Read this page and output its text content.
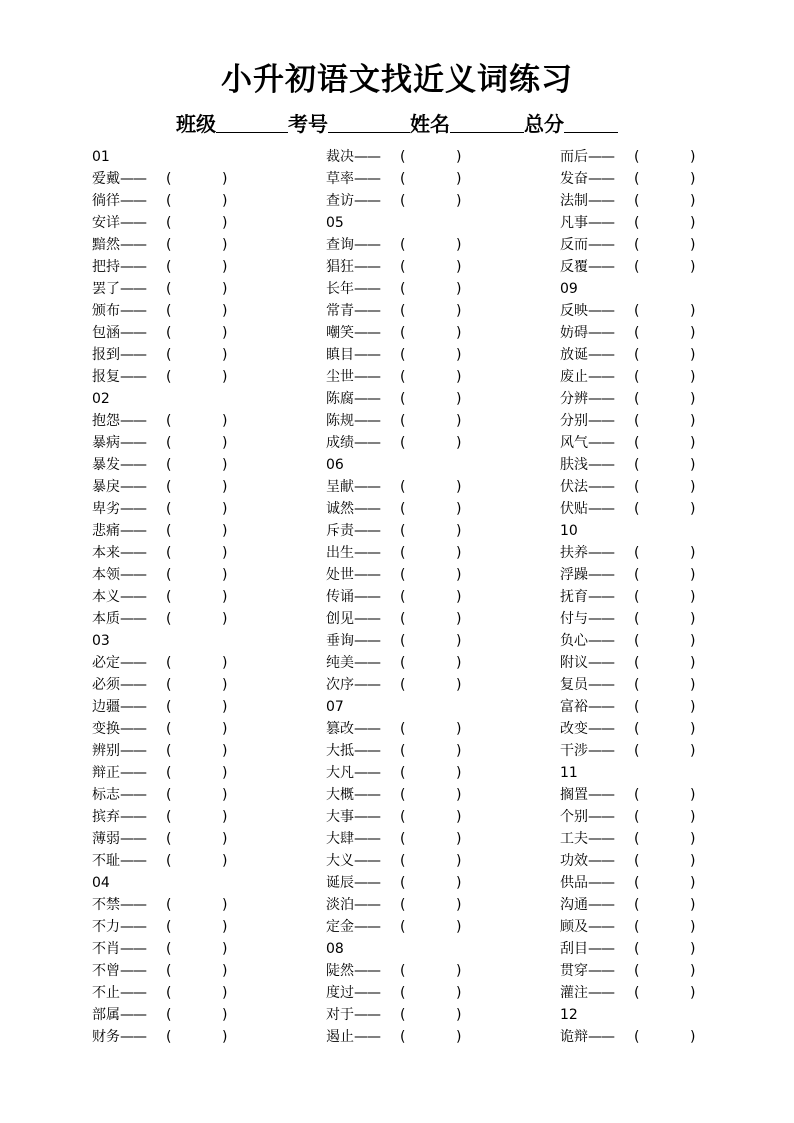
小升初语文找近义词练习
班级	考号	姓名	总分
01
爱戴—— (	)
徜徉—— (	)
安详—— (	)
黯然—— (	)
把持—— (	)
罢了—— (	)
颁布—— (	)
包涵—— (	)
报到—— (	)
报复—— (	)
02
抱怨—— (	)
暴病—— (	)
暴发—— (	)
暴戾—— (	)
卑劣—— (	)
悲痛—— (	)
本来—— (	)
本领—— (	)
本义—— (	)
本质—— (	)
03
必定—— (	)
必须—— (	)
边疆—— (	)
变换—— (	)
辨别—— (	)
辩正—— (	)
标志—— (	)
摈弃—— (	)
薄弱—— (	)
不耻—— (	)
04
不禁—— (	)
不力—— (	)
不肖—— (	)
不曾—— (	)
不止—— (	)
部属—— (	)
财务—— (	)
裁决—— (	)
草率—— (	)
查访—— (	)
05
查询—— (	)
猖狂—— (	)
长年—— (	)
常青—— (	)
嘲笑—— (	)
瞋目—— (	)
尘世—— (	)
陈腐—— (	)
陈规—— (	)
成绩—— (	)
06
呈献—— (	)
诚然—— (	)
斥责—— (	)
出生—— (	)
处世—— (	)
传诵—— (	)
创见—— (	)
垂询—— (	)
纯美—— (	)
次序—— (	)
07
篡改—— (	)
大抵—— (	)
大凡—— (	)
大概—— (	)
大事—— (	)
大肆—— (	)
大义—— (	)
诞辰—— (	)
淡泊—— (	)
定金—— (	)
08
陡然—— (	)
度过—— (	)
对于—— (	)
遏止—— (	)
而后—— (	)
发奋—— (	)
法制—— (	)
凡事—— (	)
反而—— (	)
反覆—— (	)
09
反映—— (	)
妨碍—— (	)
放诞—— (	)
废止—— (	)
分辨—— (	)
分别—— (	)
风气—— (	)
肤浅—— (	)
伏法—— (	)
伏贴—— (	)
10
扶养—— (	)
浮躁—— (	)
抚育—— (	)
付与—— (	)
负心—— (	)
附议—— (	)
复员—— (	)
富裕—— (	)
改变—— (	)
干涉—— (	)
11
搁置—— (	)
个别—— (	)
工夫—— (	)
功效—— (	)
供品—— (	)
沟通—— (	)
顾及—— (	)
刮目—— (	)
贯穿—— (	)
灌注—— (	)
12
诡辩—— (	)
